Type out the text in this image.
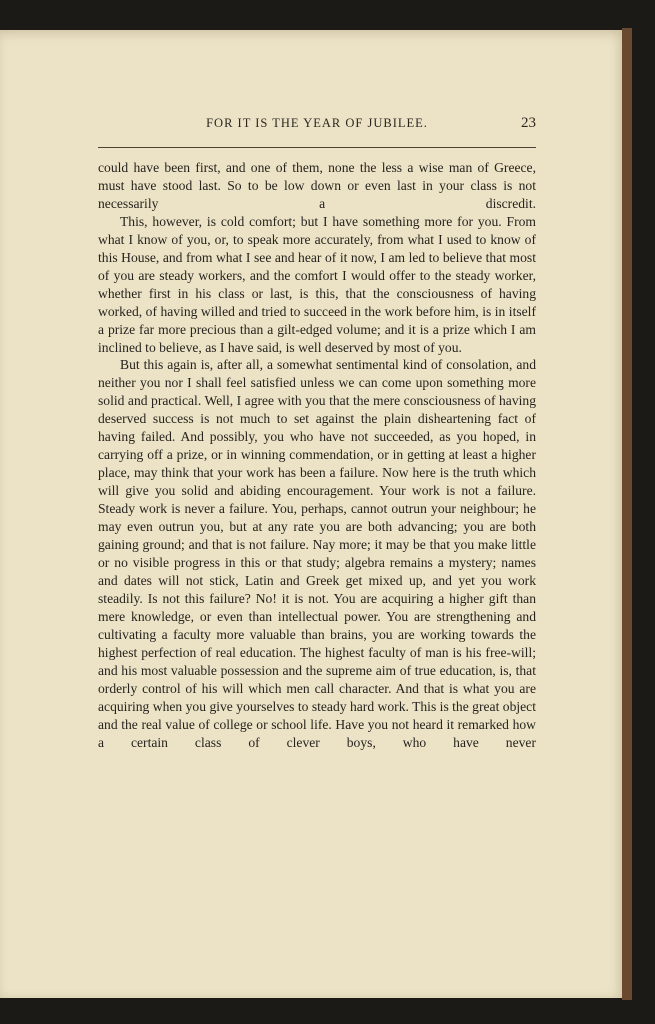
FOR IT IS THE YEAR OF JUBILEE.	23

could have been first, and one of them, none the less a wise man of Greece, must have stood last. So to be low down or even last in your class is not necessarily a discredit.

This, however, is cold comfort; but I have something more for you. From what I know of you, or, to speak more accurately, from what I used to know of this House, and from what I see and hear of it now, I am led to believe that most of you are steady workers, and the comfort I would offer to the steady worker, whether first in his class or last, is this, that the consciousness of having worked, of having willed and tried to succeed in the work before him, is in itself a prize far more precious than a gilt-edged volume; and it is a prize which I am inclined to believe, as I have said, is well deserved by most of you.

But this again is, after all, a somewhat sentimental kind of consolation, and neither you nor I shall feel satisfied unless we can come upon something more solid and practical. Well, I agree with you that the mere consciousness of having deserved success is not much to set against the plain disheartening fact of having failed. And possibly, you who have not succeeded, as you hoped, in carrying off a prize, or in winning commendation, or in getting at least a higher place, may think that your work has been a failure. Now here is the truth which will give you solid and abiding encouragement. Your work is not a failure. Steady work is never a failure. You, perhaps, cannot outrun your neighbour; he may even outrun you, but at any rate you are both advancing; you are both gaining ground; and that is not failure. Nay more; it may be that you make little or no visible progress in this or that study; algebra remains a mystery; names and dates will not stick, Latin and Greek get mixed up, and yet you work steadily. Is not this failure? No! it is not. You are acquiring a higher gift than mere knowledge, or even than intellectual power. You are strengthening and cultivating a faculty more valuable than brains, you are working towards the highest perfection of real education. The highest faculty of man is his free-will; and his most valuable possession and the supreme aim of true education, is, that orderly control of his will which men call character. And that is what you are acquiring when you give yourselves to steady hard work. This is the great object and the real value of college or school life. Have you not heard it remarked how a certain class of clever boys, who have never
